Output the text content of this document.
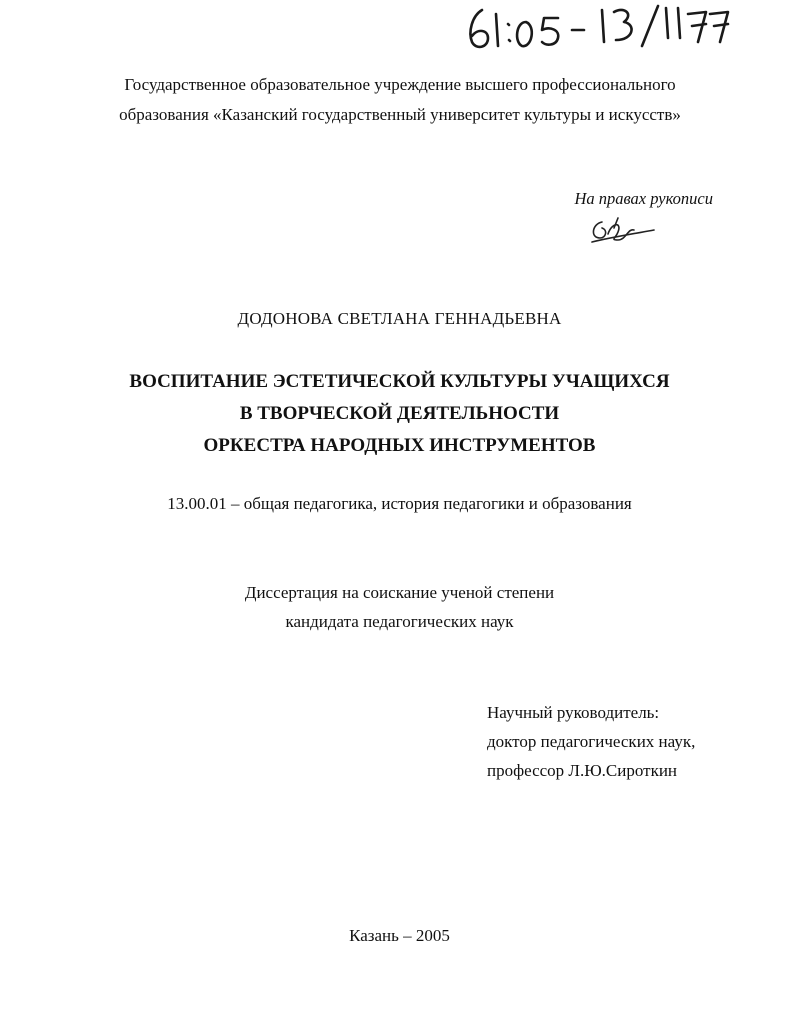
Государственное образовательное учреждение высшего профессионального
образования «Казанский государственный университет культуры и искусств»
На правах рукописи
ДОДОНОВА СВЕТЛАНА ГЕННАДЬЕВНА
ВОСПИТАНИЕ ЭСТЕТИЧЕСКОЙ КУЛЬТУРЫ УЧАЩИХСЯ
В ТВОРЧЕСКОЙ ДЕЯТЕЛЬНОСТИ
ОРКЕСТРА НАРОДНЫХ ИНСТРУМЕНТОВ
13.00.01 – общая педагогика, история педагогики и образования
Диссертация на соискание ученой степени
кандидата педагогических наук
Научный руководитель:
доктор педагогических наук,
профессор Л.Ю.Сироткин
Казань – 2005
